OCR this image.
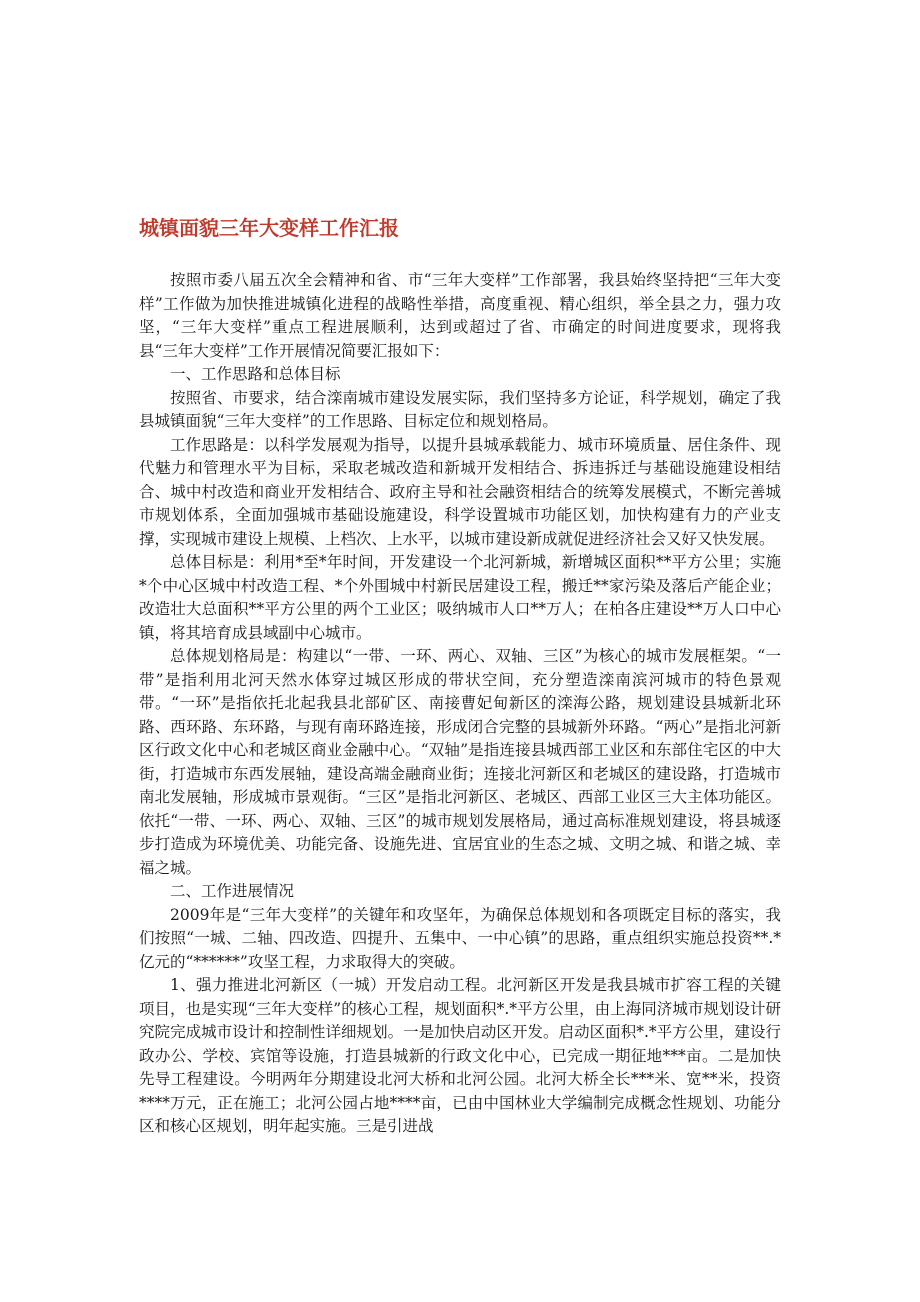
城镇面貌三年大变样工作汇报

按照市委八届五次全会精神和省、市“三年大变样”工作部署，我县始终坚持把“三年大变样”工作做为加快推进城镇化进程的战略性举措，高度重视、精心组织，举全县之力，强力攻坚，“三年大变样”重点工程进展顺利，达到或超过了省、市确定的时间进度要求，现将我县“三年大变样”工作开展情况简要汇报如下：

一、工作思路和总体目标

按照省、市要求，结合滦南城市建设发展实际，我们坚持多方论证，科学规划，确定了我县城镇面貌“三年大变样”的工作思路、目标定位和规划格局。

工作思路是：以科学发展观为指导，以提升县城承载能力、城市环境质量、居住条件、现代魅力和管理水平为目标，采取老城改造和新城开发相结合、拆违拆迁与基础设施建设相结合、城中村改造和商业开发相结合、政府主导和社会融资相结合的统筹发展模式，不断完善城市规划体系，全面加强城市基础设施建设，科学设置城市功能区划，加快构建有力的产业支撑，实现城市建设上规模、上档次、上水平，以城市建设新成就促进经济社会又好又快发展。

总体目标是：利用*至*年时间，开发建设一个北河新城，新增城区面积**平方公里；实施*个中心区城中村改造工程、*个外围城中村新民居建设工程，搬迁**家污染及落后产能企业；改造壮大总面积**平方公里的两个工业区；吸纳城市人口**万人；在柏各庄建设**万人口中心镇，将其培育成县域副中心城市。

总体规划格局是：构建以“一带、一环、两心、双轴、三区”为核心的城市发展框架。“一带”是指利用北河天然水体穿过城区形成的带状空间，充分塑造滦南滨河城市的特色景观带。“一环”是指依托北起我县北部矿区、南接曹妃甸新区的滦海公路，规划建设县城新北环路、西环路、东环路，与现有南环路连接，形成闭合完整的县城新外环路。“两心”是指北河新区行政文化中心和老城区商业金融中心。“双轴”是指连接县城西部工业区和东部住宅区的中大街，打造城市东西发展轴，建设高端金融商业街；连接北河新区和老城区的建设路，打造城市南北发展轴，形成城市景观街。“三区”是指北河新区、老城区、西部工业区三大主体功能区。依托“一带、一环、两心、双轴、三区”的城市规划发展格局，通过高标准规划建设，将县城逐步打造成为环境优美、功能完备、设施先进、宜居宜业的生态之城、文明之城、和谐之城、幸福之城。

二、工作进展情况

2009年是“三年大变样”的关键年和攻坚年，为确保总体规划和各项既定目标的落实，我们按照“一城、二轴、四改造、四提升、五集中、一中心镇”的思路，重点组织实施总投资**.*亿元的“******”攻坚工程，力求取得大的突破。

1、强力推进北河新区（一城）开发启动工程。北河新区开发是我县城市扩容工程的关键项目，也是实现“三年大变样”的核心工程，规划面积*.*平方公里，由上海同济城市规划设计研究院完成城市设计和控制性详细规划。一是加快启动区开发。启动区面积*.*平方公里，建设行政办公、学校、宾馆等设施，打造县城新的行政文化中心，已完成一期征地***亩。二是加快先导工程建设。今明两年分期建设北河大桥和北河公园。北河大桥全长***米、宽**米，投资****万元，正在施工；北河公园占地****亩，已由中国林业大学编制完成概念性规划、功能分区和核心区规划，明年起实施。三是引进战
